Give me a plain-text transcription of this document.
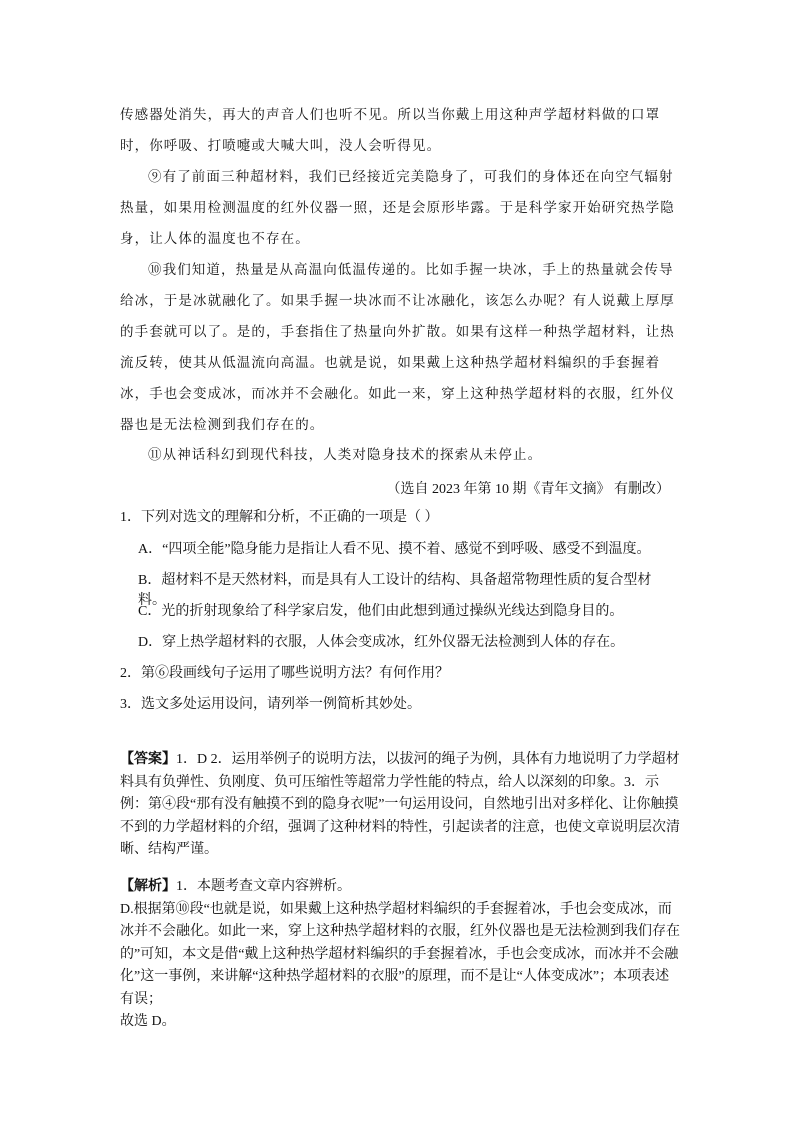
传感器处消失，再大的声音人们也听不见。所以当你戴上用这种声学超材料做的口罩时，你呼吸、打喷嚏或大喊大叫，没人会听得见。

⑨有了前面三种超材料，我们已经接近完美隐身了，可我们的身体还在向空气辐射热量，如果用检测温度的红外仪器一照，还是会原形毕露。于是科学家开始研究热学隐身，让人体的温度也不存在。

⑩我们知道，热量是从高温向低温传递的。比如手握一块冰，手上的热量就会传导给冰，于是冰就融化了。如果手握一块冰而不让冰融化，该怎么办呢？有人说戴上厚厚的手套就可以了。是的，手套指住了热量向外扩散。如果有这样一种热学超材料，让热流反转，使其从低温流向高温。也就是说，如果戴上这种热学超材料编织的手套握着冰，手也会变成冰，而冰并不会融化。如此一来，穿上这种热学超材料的衣服，红外仪器也是无法检测到我们存在的。

⑪从神话科幻到现代科技，人类对隐身技术的探索从未停止。

（选自 2023 年第 10 期《青年文摘》 有删改）

1．下列对选文的理解和分析，不正确的一项是（ ）

A．“四项全能”隐身能力是指让人看不见、摸不着、感觉不到呼吸、感受不到温度。

B．超材料不是天然材料，而是具有人工设计的结构、具备超常物理性质的复合型材料。

C．光的折射现象给了科学家启发，他们由此想到通过操纵光线达到隐身目的。

D．穿上热学超材料的衣服，人体会变成冰，红外仪器无法检测到人体的存在。

2．第⑥段画线句子运用了哪些说明方法？有何作用？

3．选文多处运用设问，请列举一例简析其妙处。

【答案】1．D 2．运用举例子的说明方法，以拔河的绳子为例，具体有力地说明了力学超材料具有负弹性、负刚度、负可压缩性等超常力学性能的特点，给人以深刻的印象。3．示例：第④段“那有没有触摸不到的隐身衣呢”一句运用设问，自然地引出对多样化、让你触摸不到的力学超材料的介绍，强调了这种材料的特性，引起读者的注意，也使文章说明层次清晰、结构严谨。
【解析】1．本题考查文章内容辨析。
D.根据第⑩段“也就是说，如果戴上这种热学超材料编织的手套握着冰，手也会变成冰，而冰并不会融化。如此一来，穿上这种热学超材料的衣服，红外仪器也是无法检测到我们存在的”可知，本文是借“戴上这种热学超材料编织的手套握着冰，手也会变成冰，而冰并不会融化”这一事例，来讲解“这种热学超材料的衣服”的原理，而不是让“人体变成冰”；本项表述有误；
故选 D。
